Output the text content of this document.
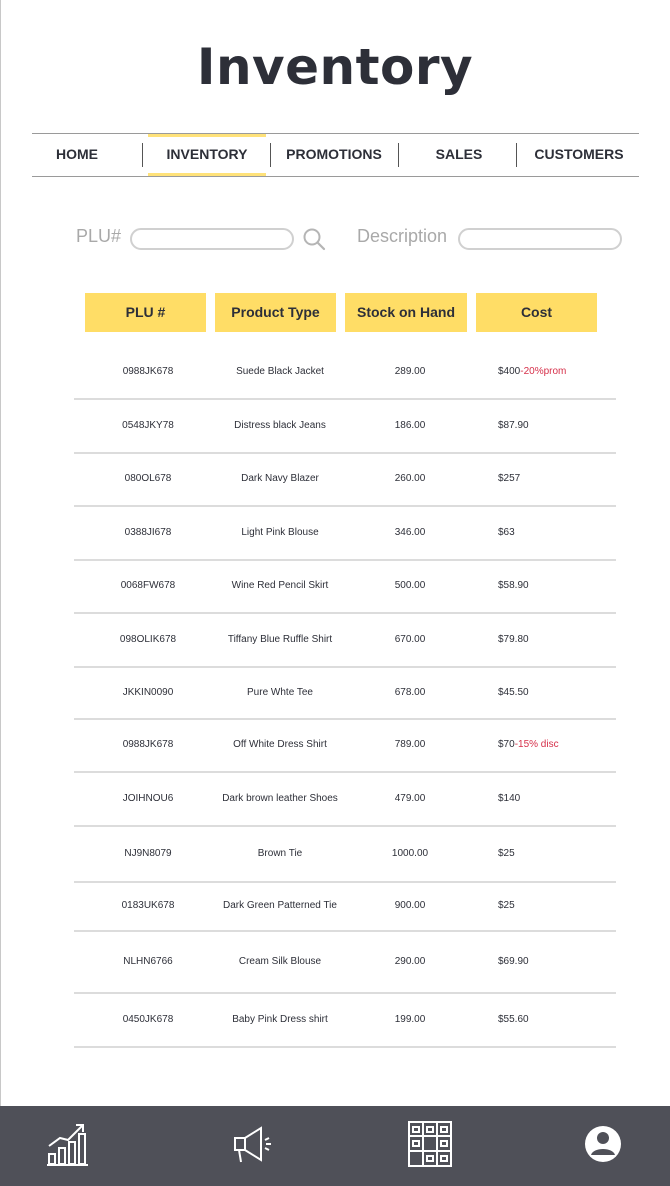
Inventory
HOME	INVENTORY	PROMOTIONS	SALES	CUSTOMERS
PLU#	Description
PLU #	Product Type	Stock on Hand	Cost
0988JK678	Suede Black Jacket	289.00	$400-20%prom
0548JKY78	Distress black Jeans	186.00	$87.90
080OL678	Dark Navy Blazer	260.00	$257
0388JI678	Light Pink Blouse	346.00	$63
0068FW678	Wine Red Pencil Skirt	500.00	$58.90
098OLIK678	Tiffany Blue Ruffle Shirt	670.00	$79.80
JKKIN0090	Pure Whte Tee	678.00	$45.50
0988JK678	Off White Dress Shirt	789.00	$70-15% disc
JOIHNOU6	Dark brown leather Shoes	479.00	$140
NJ9N8079	Brown Tie	1000.00	$25
0183UK678	Dark Green Patterned Tie	900.00	$25
NLHN6766	Cream Silk Blouse	290.00	$69.90
0450JK678	Baby Pink Dress shirt	199.00	$55.60
